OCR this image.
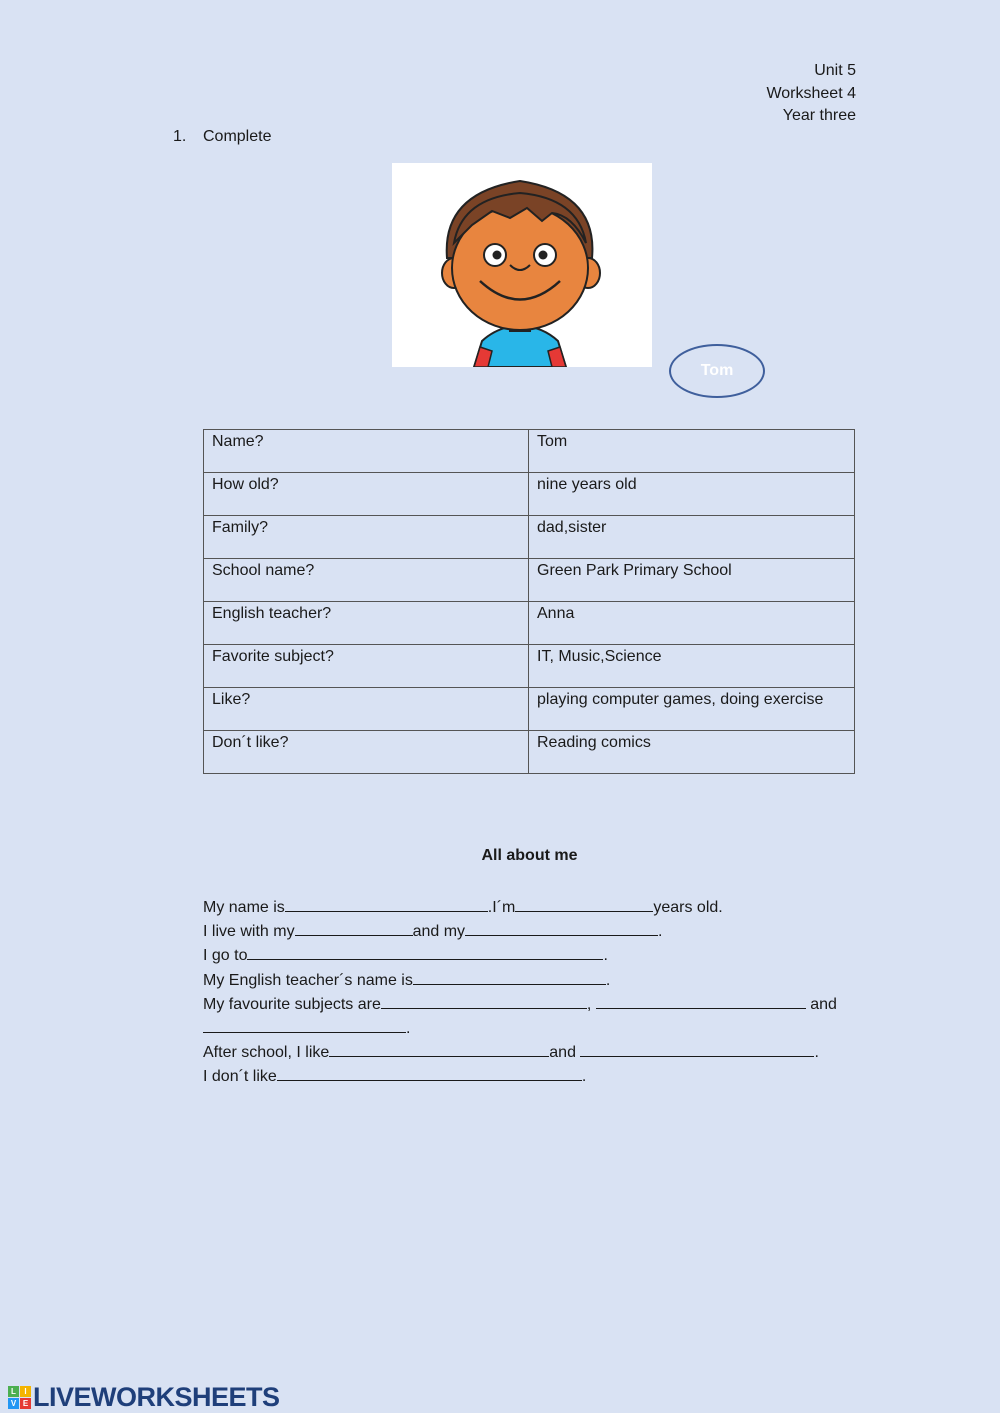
Unit 5
Worksheet 4
Year three
1. Complete
Tom
Name?	Tom
How old?	nine years old
Family?	dad,sister
School name?	Green Park Primary School
English teacher?	Anna
Favorite subject?	IT, Music,Science
Like?	playing computer games, doing exercise
Don´t like?	Reading comics
All about me
My name is	.I´m	years old.
I live with my	and my	.
I go to	.
My English teacher´s name is	.
My favourite subjects are	,	and
.
After school, I like	and	.
I don´t like	.
L	I
V E LIVEWORKSHEETS
